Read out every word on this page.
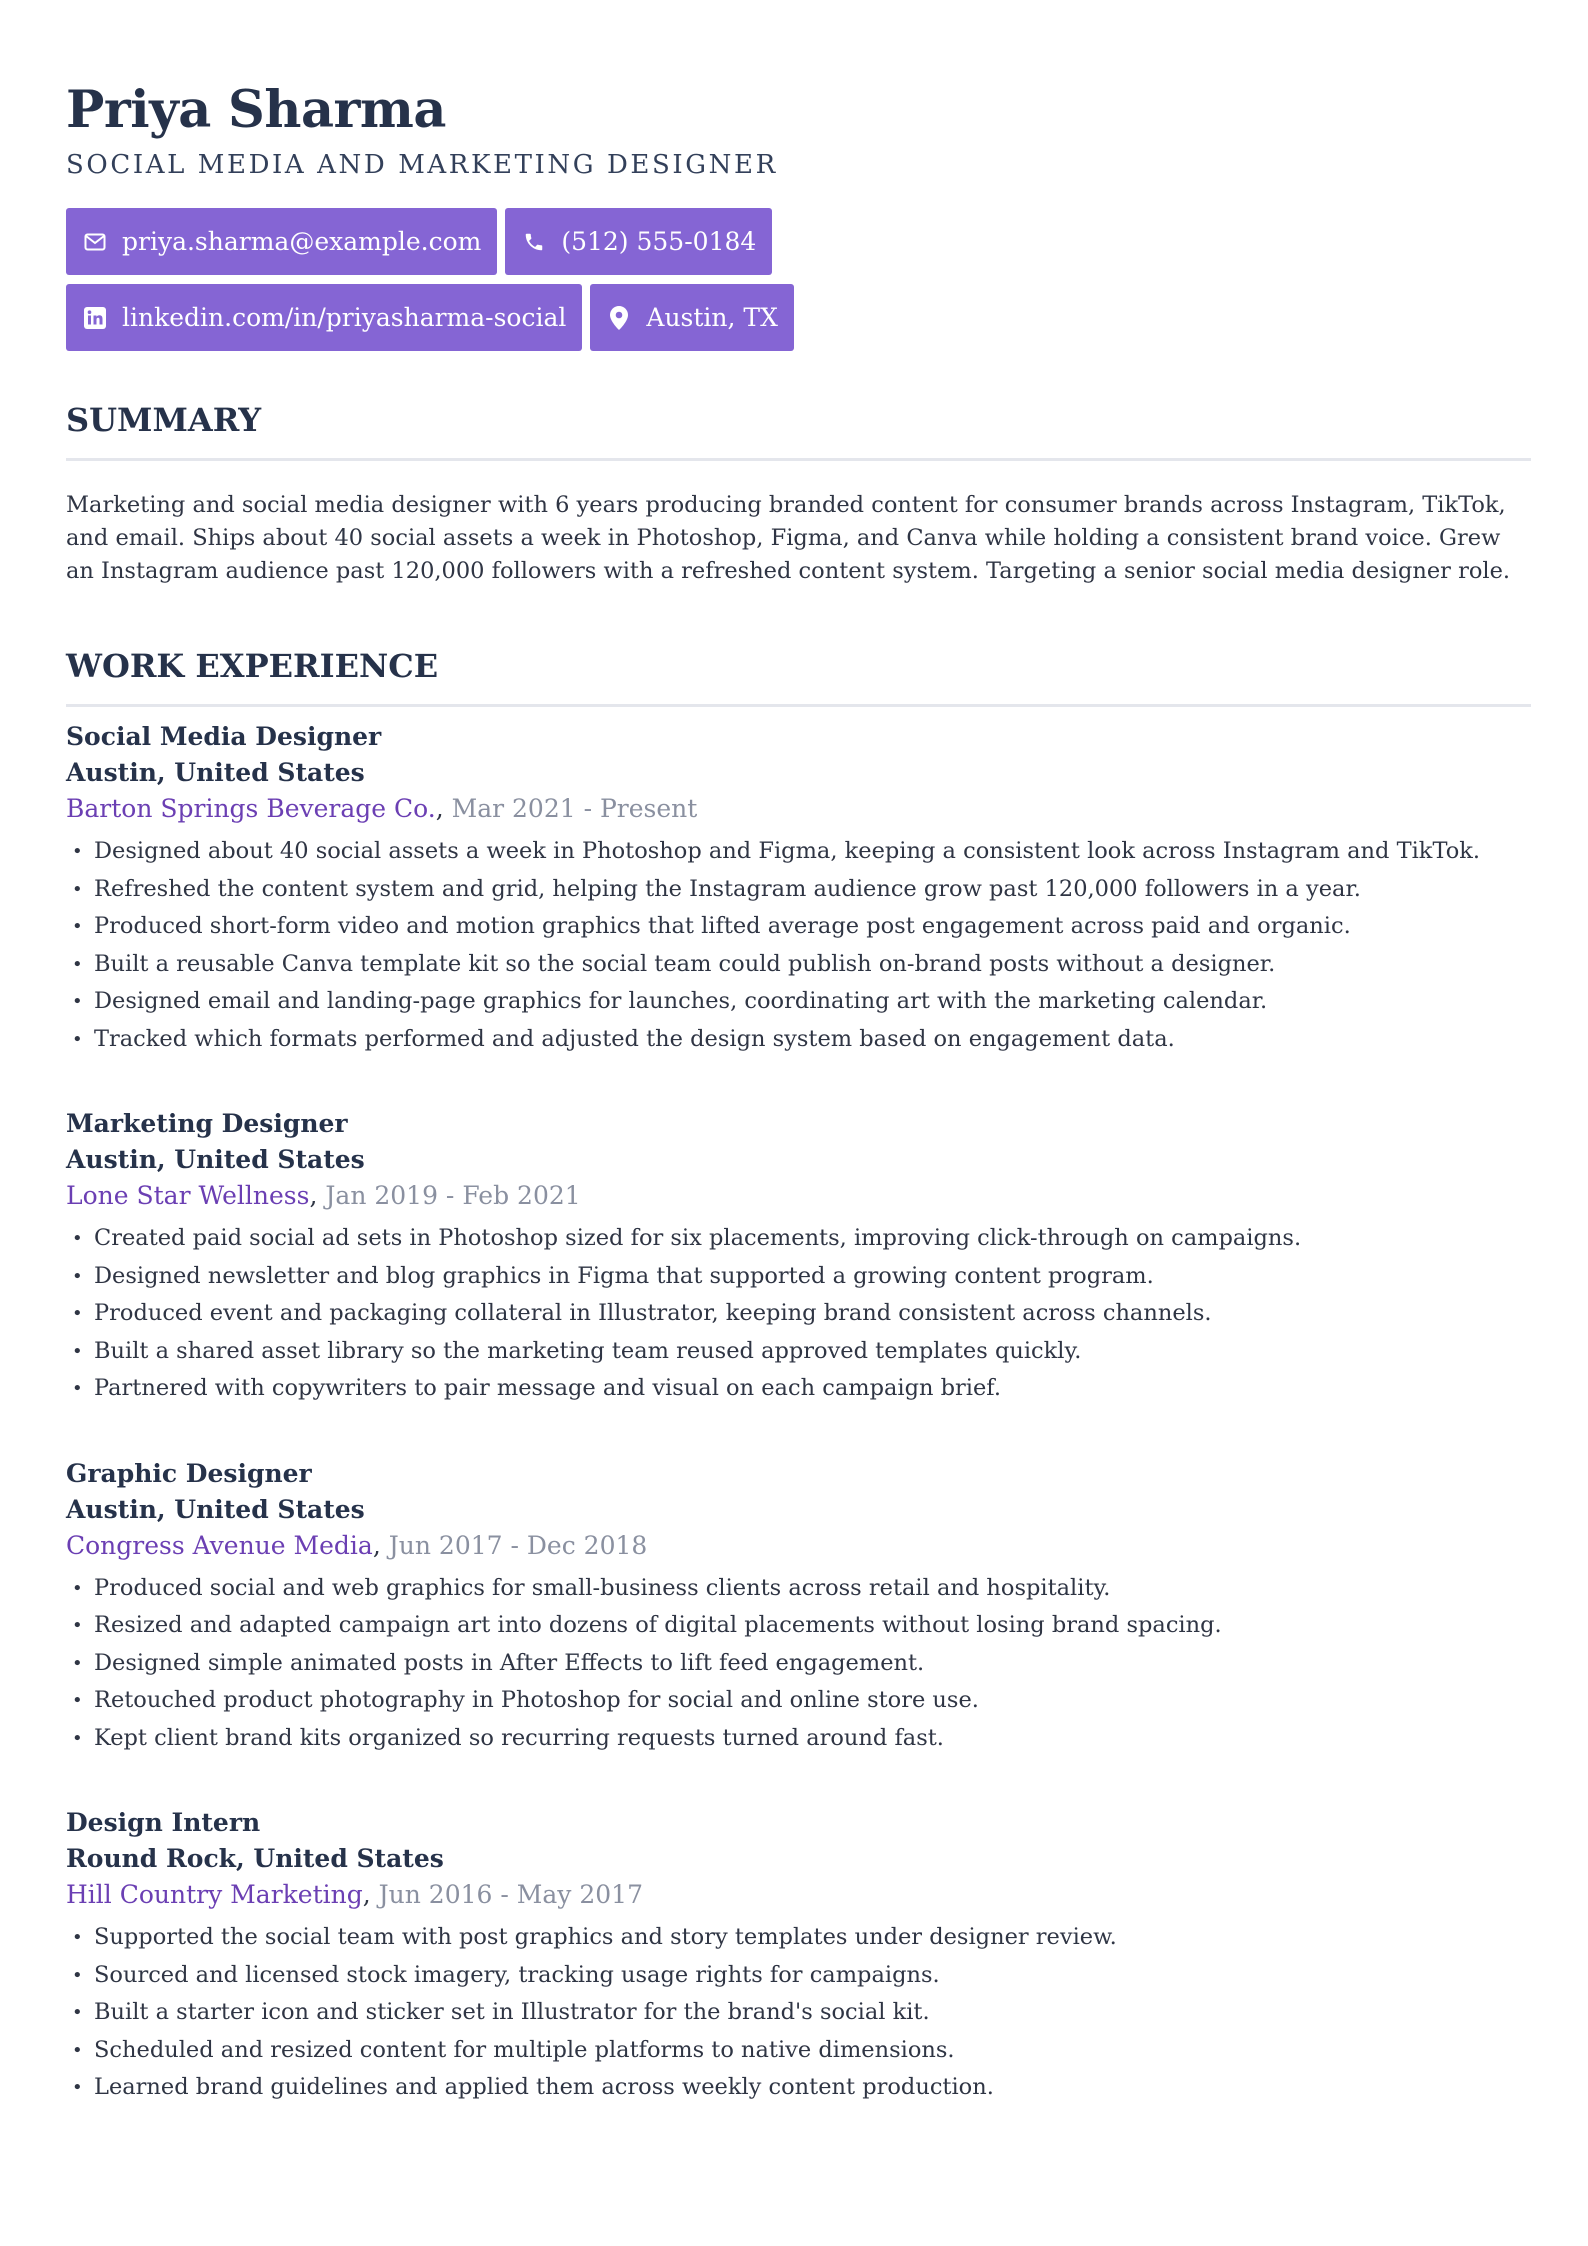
Priya Sharma
SOCIAL MEDIA AND MARKETING DESIGNER
priya.sharma@example.com	(512) 555-0184
linkedin.com/in/priyasharma-social	Austin, TX
SUMMARY

Marketing and social media designer with 6 years producing branded content for consumer brands across Instagram, TikTok, and email. Ships about 40 social assets a week in Photoshop, Figma, and Canva while holding a consistent brand voice. Grew an Instagram audience past 120,000 followers with a refreshed content system. Targeting a senior social media designer role.

WORK EXPERIENCE
Social Media Designer
Austin, United States
Barton Springs Beverage Co., Mar 2021 - Present
• Designed about 40 social assets a week in Photoshop and Figma, keeping a consistent look across Instagram and TikTok.
• Refreshed the content system and grid, helping the Instagram audience grow past 120,000 followers in a year.
• Produced short-form video and motion graphics that lifted average post engagement across paid and organic.
• Built a reusable Canva template kit so the social team could publish on-brand posts without a designer.
• Designed email and landing-page graphics for launches, coordinating art with the marketing calendar.
• Tracked which formats performed and adjusted the design system based on engagement data.
Marketing Designer
Austin, United States
Lone Star Wellness, Jan 2019 - Feb 2021
• Created paid social ad sets in Photoshop sized for six placements, improving click-through on campaigns.
• Designed newsletter and blog graphics in Figma that supported a growing content program.
• Produced event and packaging collateral in Illustrator, keeping brand consistent across channels.
• Built a shared asset library so the marketing team reused approved templates quickly.
• Partnered with copywriters to pair message and visual on each campaign brief.
Graphic Designer
Austin, United States
Congress Avenue Media, Jun 2017 - Dec 2018
• Produced social and web graphics for small-business clients across retail and hospitality.
• Resized and adapted campaign art into dozens of digital placements without losing brand spacing.
• Designed simple animated posts in After Effects to lift feed engagement.
• Retouched product photography in Photoshop for social and online store use.
• Kept client brand kits organized so recurring requests turned around fast.
Design Intern
Round Rock, United States
Hill Country Marketing, Jun 2016 - May 2017
• Supported the social team with post graphics and story templates under designer review.
• Sourced and licensed stock imagery, tracking usage rights for campaigns.
• Built a starter icon and sticker set in Illustrator for the brand's social kit.
• Scheduled and resized content for multiple platforms to native dimensions.
• Learned brand guidelines and applied them across weekly content production.
